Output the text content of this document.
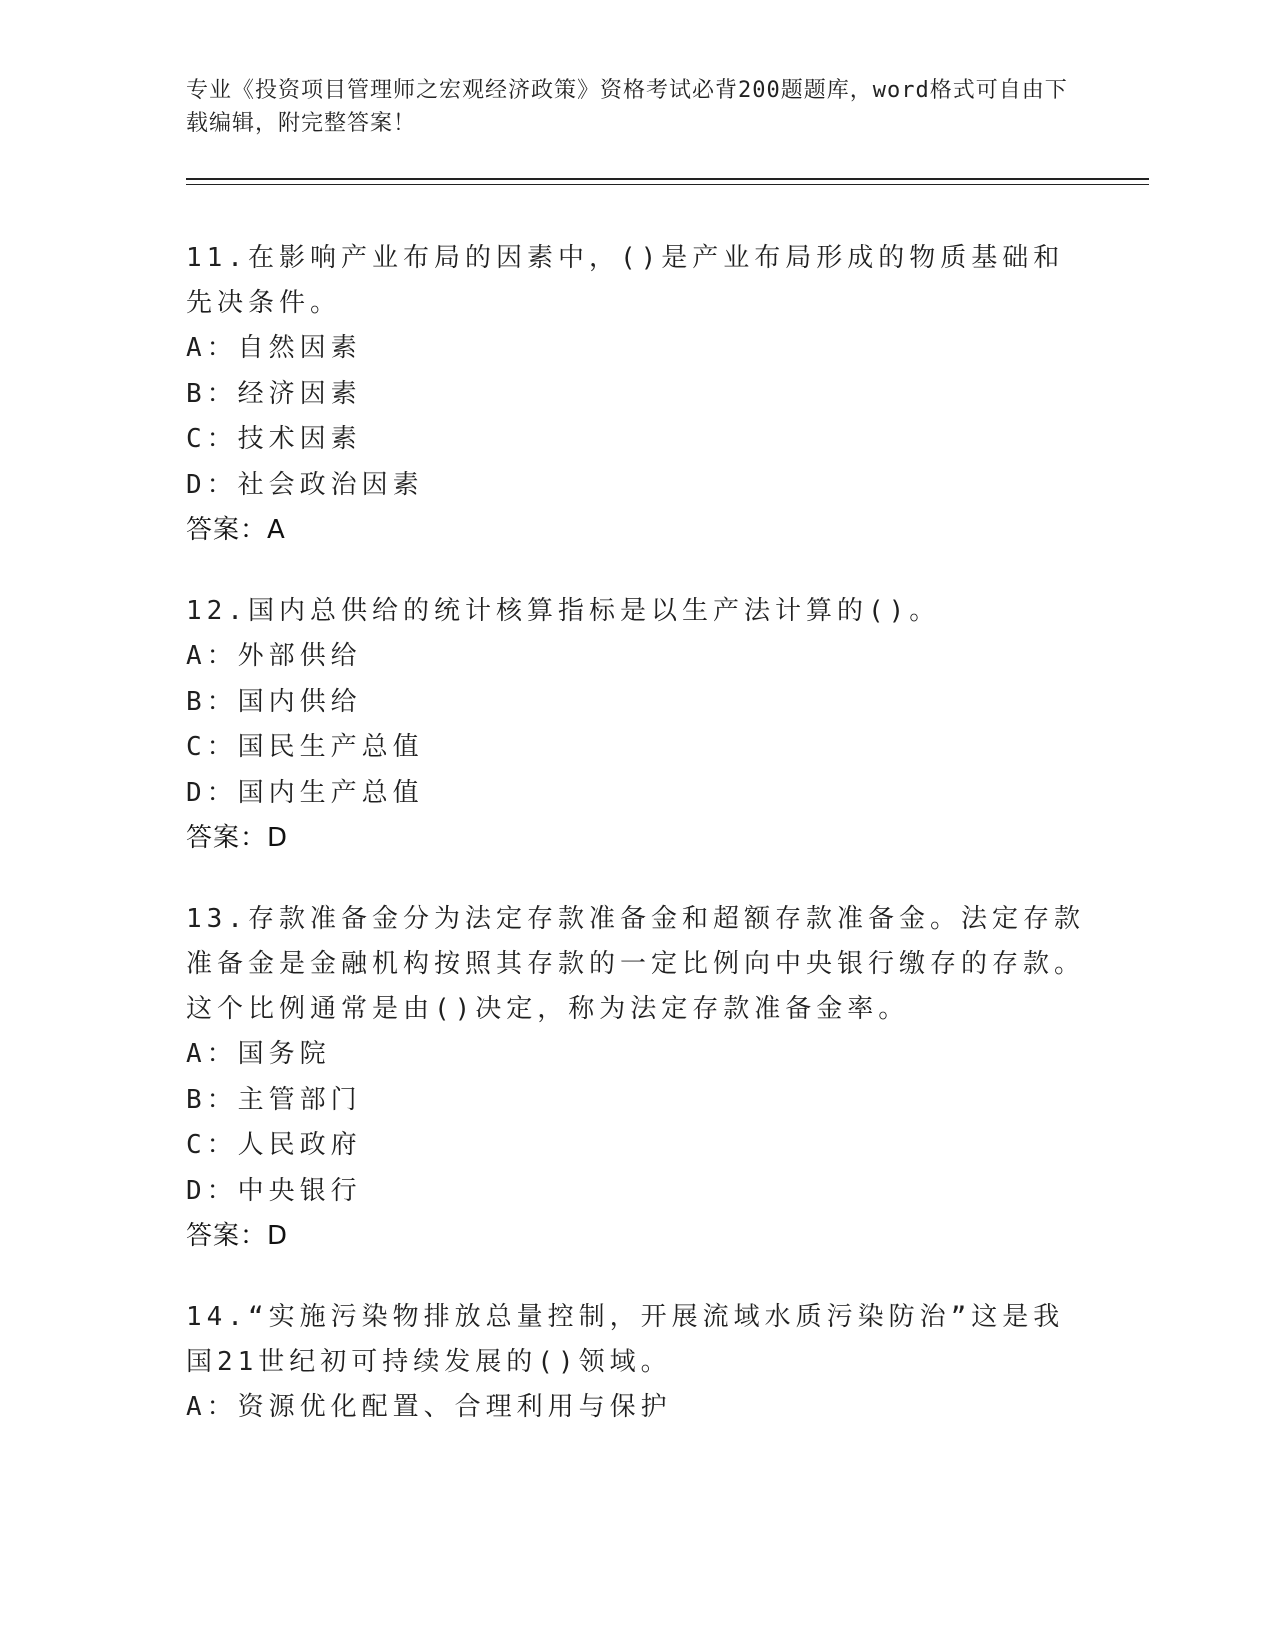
专业《投资项目管理师之宏观经济政策》资格考试必背200题题库，word格式可自由下载编辑，附完整答案！

11.在影响产业布局的因素中，()是产业布局形成的物质基础和先决条件。

A：自然因素

B：经济因素

C：技术因素

D：社会政治因素

答案：A

12.国内总供给的统计核算指标是以生产法计算的()。

A：外部供给

B：国内供给

C：国民生产总值

D：国内生产总值

答案：D

13.存款准备金分为法定存款准备金和超额存款准备金。法定存款准备金是金融机构按照其存款的一定比例向中央银行缴存的存款。这个比例通常是由()决定，称为法定存款准备金率。

A：国务院

B：主管部门

C：人民政府

D：中央银行

答案：D

14.“实施污染物排放总量控制，开展流域水质污染防治”这是我国21世纪初可持续发展的()领域。

A：资源优化配置、合理利用与保护
